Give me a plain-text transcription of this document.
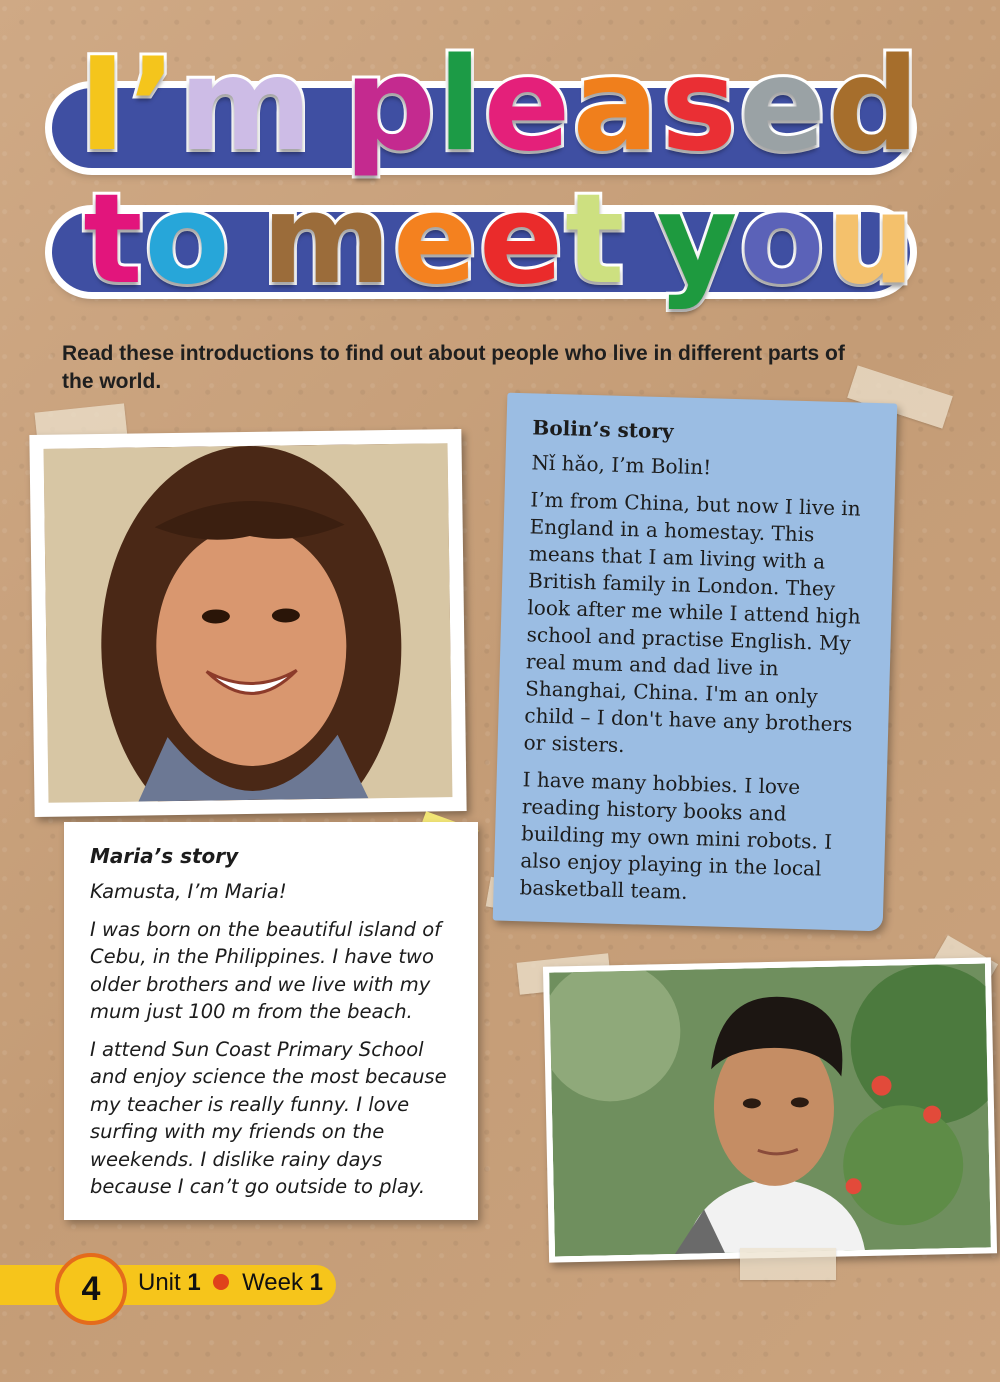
I’m pleased
to meet you
Read these introductions to find out about people who live in different parts of the world.
Bolin’s story

Nǐ hǎo, I’m Bolin!

I’m from China, but now I live in England in a homestay. This means that I am living with a British family in London. They look after me while I attend high school and practise English. My real mum and dad live in Shanghai, China. I'm an only child – I don't have any brothers or sisters.

I have many hobbies. I love reading history books and building my own mini robots. I also enjoy playing in the local basketball team.

Maria’s story

Kamusta, I’m Maria!

I was born on the beautiful island of Cebu, in the Philippines. I have two older brothers and we live with my mum just 100 m from the beach.

I attend Sun Coast Primary School and enjoy science the most because my teacher is really funny. I love surfing with my friends on the weekends. I dislike rainy days because I can’t go outside to play.

4	Unit 1 Week 1
